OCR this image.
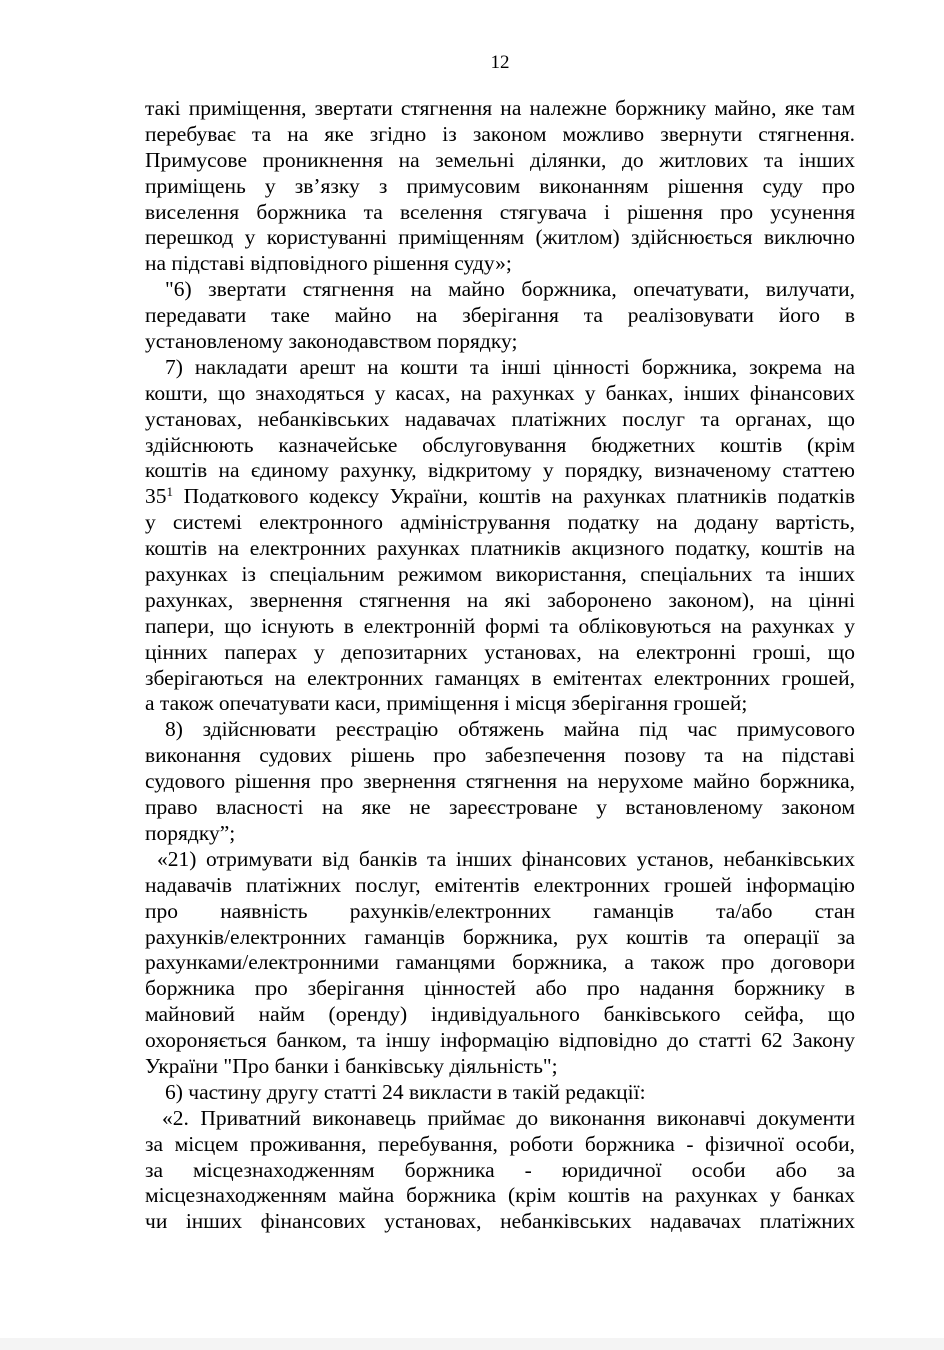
12
такі приміщення, звертати стягнення на належне боржнику майно, яке там
перебуває та на яке згідно із законом можливо звернути стягнення.
Примусове проникнення на земельні ділянки, до житлових та інших
приміщень у зв’язку з примусовим виконанням рішення суду про
виселення боржника та вселення стягувача і рішення про усунення
перешкод у користуванні приміщенням (житлом) здійснюється виключно
на підставі відповідного рішення суду»;
"6) звертати стягнення на майно боржника, опечатувати, вилучати,
передавати таке майно на зберігання та реалізовувати його в
установленому законодавством порядку;
7) накладати арешт на кошти та інші цінності боржника, зокрема на
кошти, що знаходяться у касах, на рахунках у банках, інших фінансових
установах, небанківських надавачах платіжних послуг та органах, що
здійснюють казначейське обслуговування бюджетних коштів (крім
коштів на єдиному рахунку, відкритому у порядку, визначеному статтею
$35^1$ Податкового кодексу України, коштів на рахунках платників податків
у системі електронного адміністрування податку на додану вартість,
коштів на електронних рахунках платників акцизного податку, коштів на
рахунках із спеціальним режимом використання, спеціальних та інших
рахунках, звернення стягнення на які заборонено законом), на цінні
папери, що існують в електронній формі та обліковуються на рахунках у
цінних паперах у депозитарних установах, на електронні гроші, що
зберігаються на електронних гаманцях в емітентах електронних грошей,
а також опечатувати каси, приміщення і місця зберігання грошей;
8) здійснювати реєстрацію обтяжень майна під час примусового
виконання судових рішень про забезпечення позову та на підставі
судового рішення про звернення стягнення на нерухоме майно боржника,
право власності на яке не зареєстроване у встановленому законом
порядку”;
«21) отримувати від банків та інших фінансових установ, небанківських
надавачів платіжних послуг, емітентів електронних грошей інформацію
про наявність рахунків/електронних гаманців та/або стан
рахунків/електронних гаманців боржника, рух коштів та операції за
рахунками/електронними гаманцями боржника, а також про договори
боржника про зберігання цінностей або про надання боржнику в
майновий найм (оренду) індивідуального банківського сейфа, що
охороняється банком, та іншу інформацію відповідно до статті 62 Закону
України "Про банки і банківську діяльність";
6) частину другу статті 24 викласти в такій редакції:
«2. Приватний виконавець приймає до виконання виконавчі документи
за місцем проживання, перебування, роботи боржника - фізичної особи,
за місцезнаходженням боржника - юридичної особи або за
місцезнаходженням майна боржника (крім коштів на рахунках у банках
чи інших фінансових установах, небанківських надавачах платіжних
